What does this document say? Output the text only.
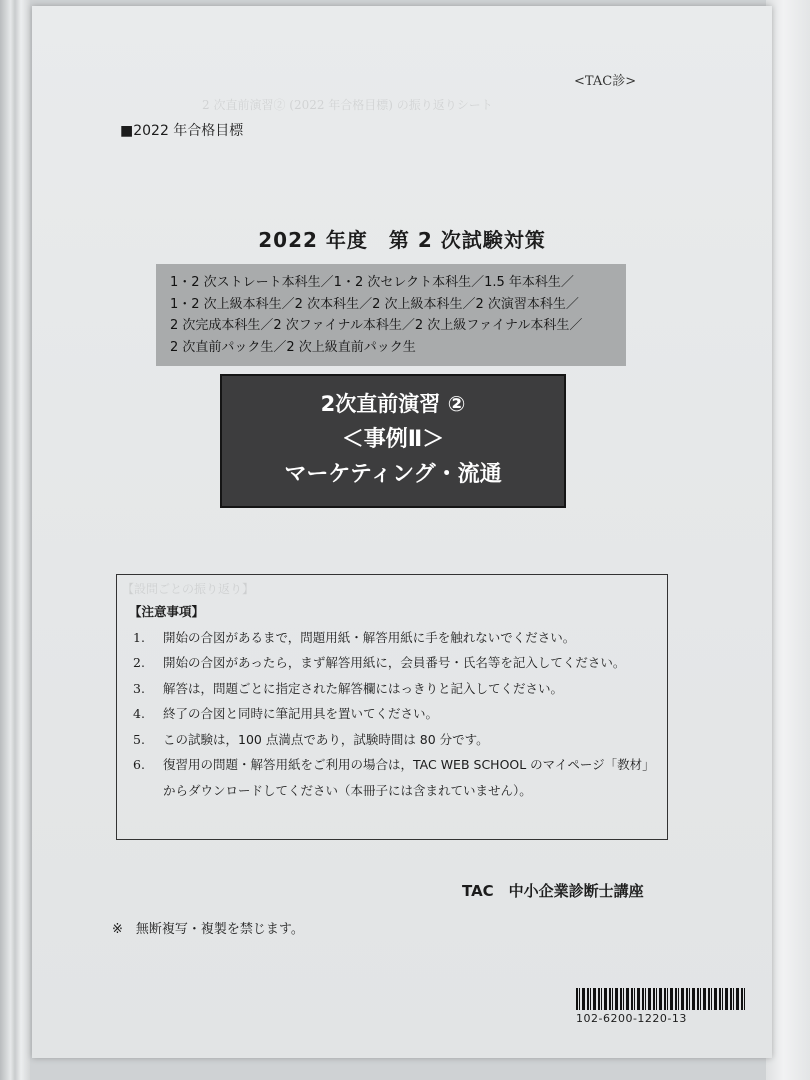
2 次直前演習② (2022 年合格目標) の振り返りシート
【設問ごとの振り返り】
<TAC診>
■2022 年合格目標
2022 年度　第 2 次試験対策
1・2 次ストレート本科生／1・2 次セレクト本科生／1.5 年本科生／
1・2 次上級本科生／2 次本科生／2 次上級本科生／2 次演習本科生／
2 次完成本科生／2 次ファイナル本科生／2 次上級ファイナル本科生／
2 次直前パック生／2 次上級直前パック生
2次直前演習 ②
＜事例Ⅱ＞
マーケティング・流通
【注意事項】
1. 開始の合図があるまで，問題用紙・解答用紙に手を触れないでください。
2. 開始の合図があったら，まず解答用紙に，会員番号・氏名等を記入してください。
3. 解答は，問題ごとに指定された解答欄にはっきりと記入してください。
4. 終了の合図と同時に筆記用具を置いてください。
5. この試験は，100 点満点であり，試験時間は 80 分です。
6. 復習用の問題・解答用紙をご利用の場合は，TAC WEB SCHOOL のマイページ「教材」からダウンロードしてください（本冊子には含まれていません）。
TAC　中小企業診断士講座
※　無断複写・複製を禁じます。
102-6200-1220-13
